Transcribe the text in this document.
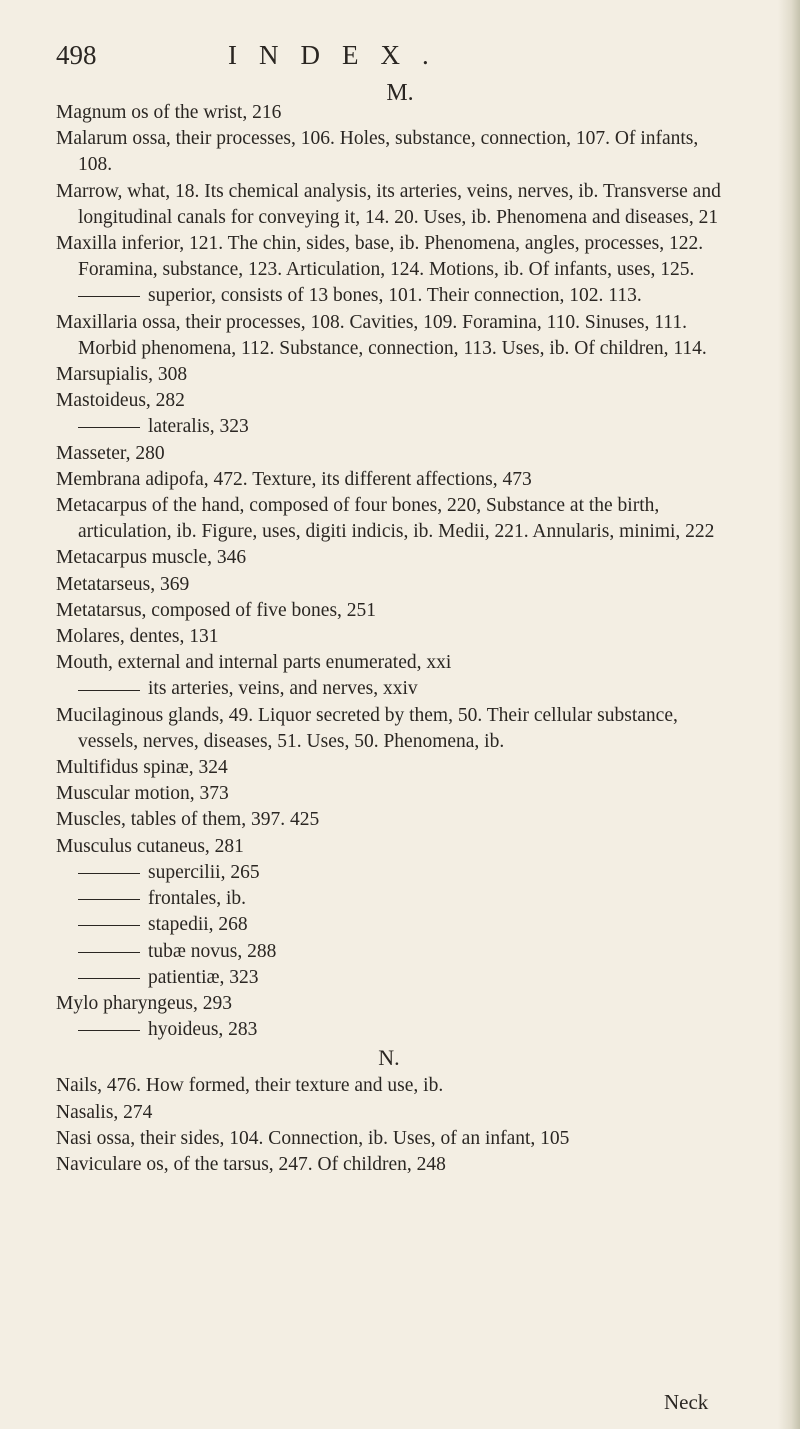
498	INDEX.
M.

Magnum os of the wrist, 216

Malarum ossa, their processes, 106. Holes, substance, connection, 107. Of infants, 108.

Marrow, what, 18. Its chemical analysis, its arteries, veins, nerves, ib. Transverse and longitudinal canals for conveying it, 14. 20. Uses, ib. Phenomena and diseases, 21

Maxilla inferior, 121. The chin, sides, base, ib. Phenomena, angles, processes, 122. Foramina, substance, 123. Articulation, 124. Motions, ib. Of infants, uses, 125.

superior, consists of 13 bones, 101. Their connection, 102. 113.

Maxillaria ossa, their processes, 108. Cavities, 109. Foramina, 110. Sinuses, 111. Morbid phenomena, 112. Substance, connection, 113. Uses, ib. Of children, 114.

Marsupialis, 308

Mastoideus, 282

lateralis, 323

Masseter, 280

Membrana adipofa, 472. Texture, its different affections, 473

Metacarpus of the hand, composed of four bones, 220, Substance at the birth, articulation, ib. Figure, uses, digiti indicis, ib. Medii, 221. Annularis, minimi, 222

Metacarpus muscle, 346

Metatarseus, 369

Metatarsus, composed of five bones, 251

Molares, dentes, 131

Mouth, external and internal parts enumerated, xxi

its arteries, veins, and nerves, xxiv

Mucilaginous glands, 49. Liquor secreted by them, 50. Their cellular substance, vessels, nerves, diseases, 51. Uses, 50. Phenomena, ib.

Multifidus spinæ, 324

Muscular motion, 373

Muscles, tables of them, 397. 425

Musculus cutaneus, 281

supercilii, 265

frontales, ib.

stapedii, 268

tubæ novus, 288

patientiæ, 323

Mylo pharyngeus, 293

hyoideus, 283

N.

Nails, 476. How formed, their texture and use, ib.

Nasalis, 274

Nasi ossa, their sides, 104. Connection, ib. Uses, of an infant, 105

Naviculare os, of the tarsus, 247. Of children, 248

Neck
